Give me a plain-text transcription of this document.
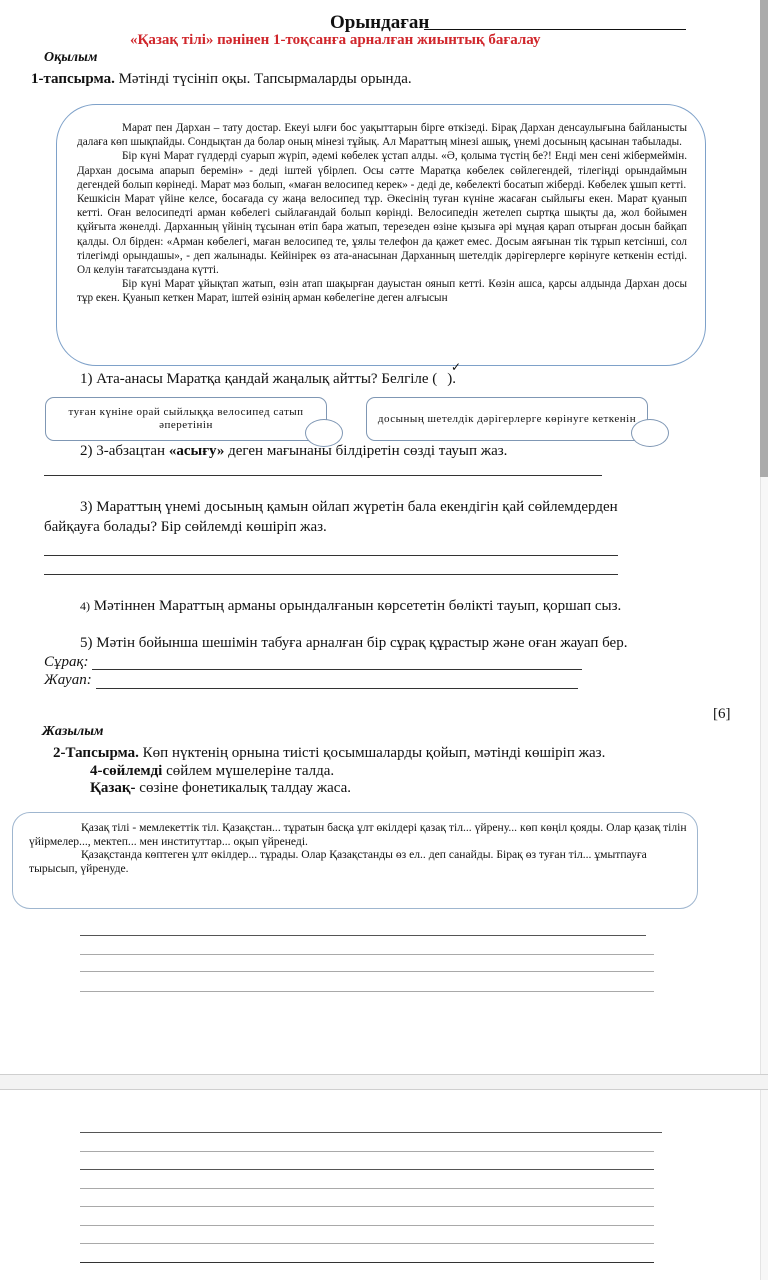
Орындаған
«Қазақ тілі» пәнінен 1-тоқсанға арналған жиынтық бағалау
Оқылым
1-тапсырма. Мәтінді түсініп оқы. Тапсырмаларды орында.

Марат пен Дархан – тату достар. Екеуі ылғи бос уақыттарын бірге өткізеді. Бірақ Дархан денсаулығына байланысты далаға көп шықпайды. Сондықтан да болар оның мінезі тұйық. Ал Мараттың мінезі ашық, үнемі досының қасынан табылады.

Бір күні Марат гүлдерді суарып жүріп, әдемі көбелек ұстап алды. «Ә, қолыма түстің бе?! Енді мен сені жібермеймін. Дархан досыма апарып беремін» - деді іштей үбірлеп. Осы сәтте Маратқа көбелек сөйлегендей, тілегіңді орындаймын дегендей болып көрінеді. Марат мәз болып, «маған велосипед керек» - деді де, көбелекті босатып жіберді. Көбелек ұшып кетті.

Кешкісін Марат үйіне келсе, босағада су жаңа велосипед тұр. Әкесінің туған күніне жасаған сыйлығы екен. Марат қуанып кетті. Оған велосипедті арман көбелегі сыйлағандай болып көрінді. Велосипедін жетелеп сыртқа шықты да, жол бойымен құйғыта жөнелді. Дарханның үйінің тұсынан өтіп бара жатып, терезеден өзіне қызыға әрі мұңая қарап отырған досын байқап қалды. Ол бірден: «Арман көбелегі, маған велосипед те, ұялы телефон да қажет емес. Досым аяғынан тік тұрып кетсінші, сол тілегімді орындашы», - деп жалынады. Кейінірек өз ата-анасынан Дарханның шетелдік дәрігерлерге көрінуге кеткенін естіді. Ол келуін тағатсыздана күтті.

Бір күні Марат ұйықтап жатып, өзін атап шақырған дауыстан оянып кетті. Көзін ашса, қарсы алдында Дархан досы тұр екен. Қуанып кеткен Марат, іштей өзінің арман көбелегіне деген алғысын

1) Ата-анасы Маратқа қандай жаңалық айтты? Белгіле ( ).
✓
туған күніне орай сыйлыққа велосипед сатып әперетінін
досының шетелдік дәрігерлерге көрінуге кеткенін
2) 3-абзацтан «асығу» деген мағынаны білдіретін сөзді тауып жаз.
3) Мараттың үнемі досының қамын ойлап жүретін бала екендігін қай сөйлемдерден
байқауға болады? Бір сөйлемді көшіріп жаз.
4) Мәтіннен Мараттың арманы орындалғанын көрсететін бөлікті тауып, қоршап сыз.
5) Мәтін бойынша шешімін табуға арналған бір сұрақ құрастыр және оған жауап бер.
Сұрақ:
Жауап:
[6]
Жазылым
2-Тапсырма. Көп нүктенің орнына тиісті қосымшаларды қойып, мәтінді көшіріп жаз.
4-сөйлемді сөйлем мүшелеріне талда.
Қазақ- сөзіне фонетикалық талдау жаса.

Қазақ тілі - мемлекеттік тіл. Қазақстан... тұратын басқа ұлт өкілдері қазақ тіл... үйрену... көп көңіл қояды. Олар қазақ тілін үйірмелер..., мектеп... мен институттар... оқып үйренеді.

Қазақстанда көптеген ұлт өкілдер... тұрады. Олар Қазақстанды өз ел.. деп санайды. Бірақ өз туған тіл... ұмытпауға тырысып, үйренуде.
